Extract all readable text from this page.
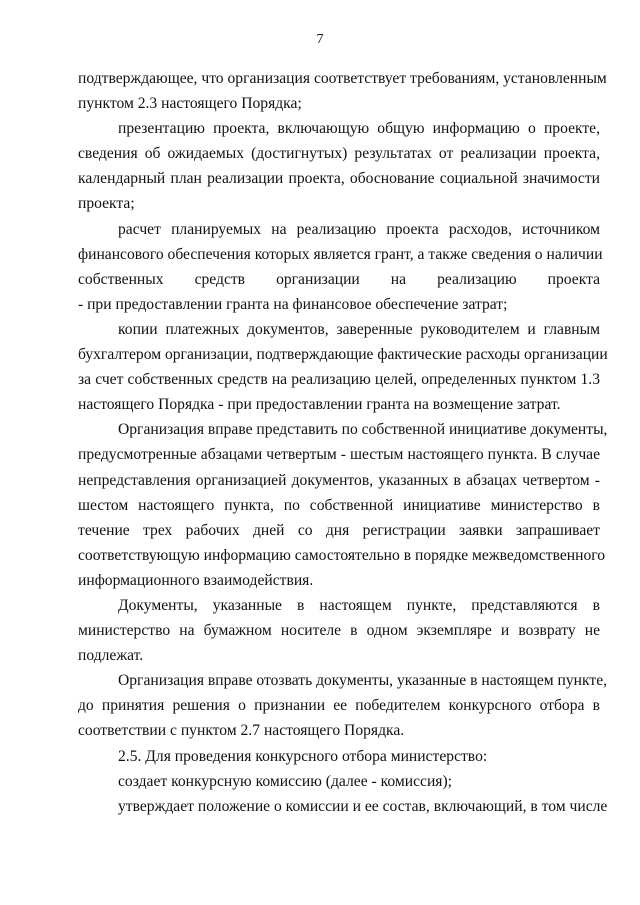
7

подтверждающее, что организация соответствует требованиям, установленным
пунктом 2.3 настоящего Порядка;

презентацию проекта, включающую общую информацию о проекте,
сведения об ожидаемых (достигнутых) результатах от реализации проекта,
календарный план реализации проекта, обоснование социальной значимости
проекта;

расчет планируемых на реализацию проекта расходов, источником
финансового обеспечения которых является грант, а также сведения о наличии
собственных средств организации на реализацию проекта
- при предоставлении гранта на финансовое обеспечение затрат;

копии платежных документов, заверенные руководителем и главным
бухгалтером организации, подтверждающие фактические расходы организации
за счет собственных средств на реализацию целей, определенных пунктом 1.3
настоящего Порядка - при предоставлении гранта на возмещение затрат.

Организация вправе представить по собственной инициативе документы,
предусмотренные абзацами четвертым - шестым настоящего пункта. В случае
непредставления организацией документов, указанных в абзацах четвертом -
шестом настоящего пункта, по собственной инициативе министерство в
течение трех рабочих дней со дня регистрации заявки запрашивает
соответствующую информацию самостоятельно в порядке межведомственного
информационного взаимодействия.

Документы, указанные в настоящем пункте, представляются в
министерство на бумажном носителе в одном экземпляре и возврату не
подлежат.

Организация вправе отозвать документы, указанные в настоящем пункте,
до принятия решения о признании ее победителем конкурсного отбора в
соответствии с пунктом 2.7 настоящего Порядка.

2.5. Для проведения конкурсного отбора министерство:

создает конкурсную комиссию (далее - комиссия);

утверждает положение о комиссии и ее состав, включающий, в том числе
